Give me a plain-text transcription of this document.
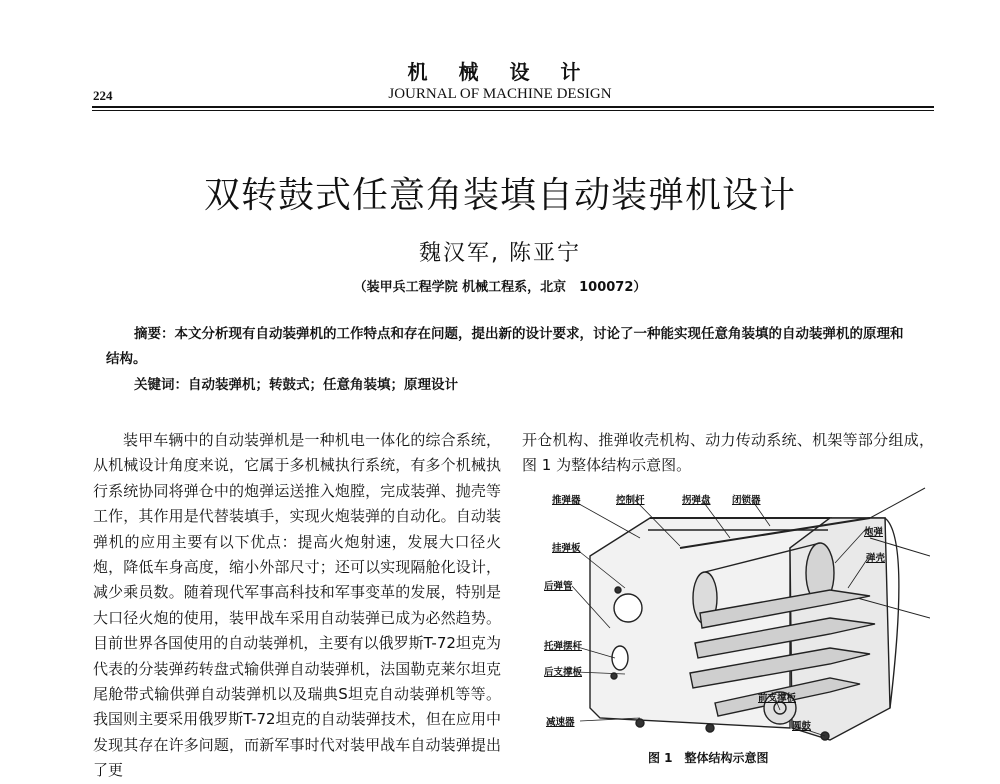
机 械 设 计
224	JOURNAL OF MACHINE DESIGN
双转鼓式任意角装填自动装弹机设计
魏汉军, 陈亚宁
（装甲兵工程学院 机械工程系，北京　100072）
摘要：本文分析现有自动装弹机的工作特点和存在问题，提出新的设计要求，讨论了一种能实现任意角装填的自动装弹机的原理和结构。
关键词：自动装弹机；转鼓式；任意角装填；原理设计
装甲车辆中的自动装弹机是一种机电一体化的综合系统，从机械设计角度来说，它属于多机械执行系统，有多个机械执行系统协同将弹仓中的炮弹运送推入炮膛，完成装弹、抛壳等工作，其作用是代替装填手，实现火炮装弹的自动化。自动装弹机的应用主要有以下优点：提高火炮射速，发展大口径火炮，降低车身高度，缩小外部尺寸；还可以实现隔舱化设计，减少乘员数。随着现代军事高科技和军事变革的发展，特别是大口径火炮的使用，装甲战车采用自动装弹已成为必然趋势。目前世界各国使用的自动装弹机，主要有以俄罗斯T-72坦克为代表的分装弹药转盘式输供弹自动装弹机，法国勒克莱尔坦克尾舱带式输供弹自动装弹机以及瑞典S坦克自动装弹机等等。我国则主要采用俄罗斯T-72坦克的自动装弹技术，但在应用中发现其存在许多问题，而新军事时代对装甲战车自动装弹提出了更
开仓机构、推弹收壳机构、动力传动系统、机架等部分组成，图 1 为整体结构示意图。
推弹器	控制杆	拐弹盘 闭锁器
炮弹
弹壳
挂弹板
后弹管
托弹摆杆
后支撑板
减速器
前支撑板
圆鼓
图 1　整体结构示意图
